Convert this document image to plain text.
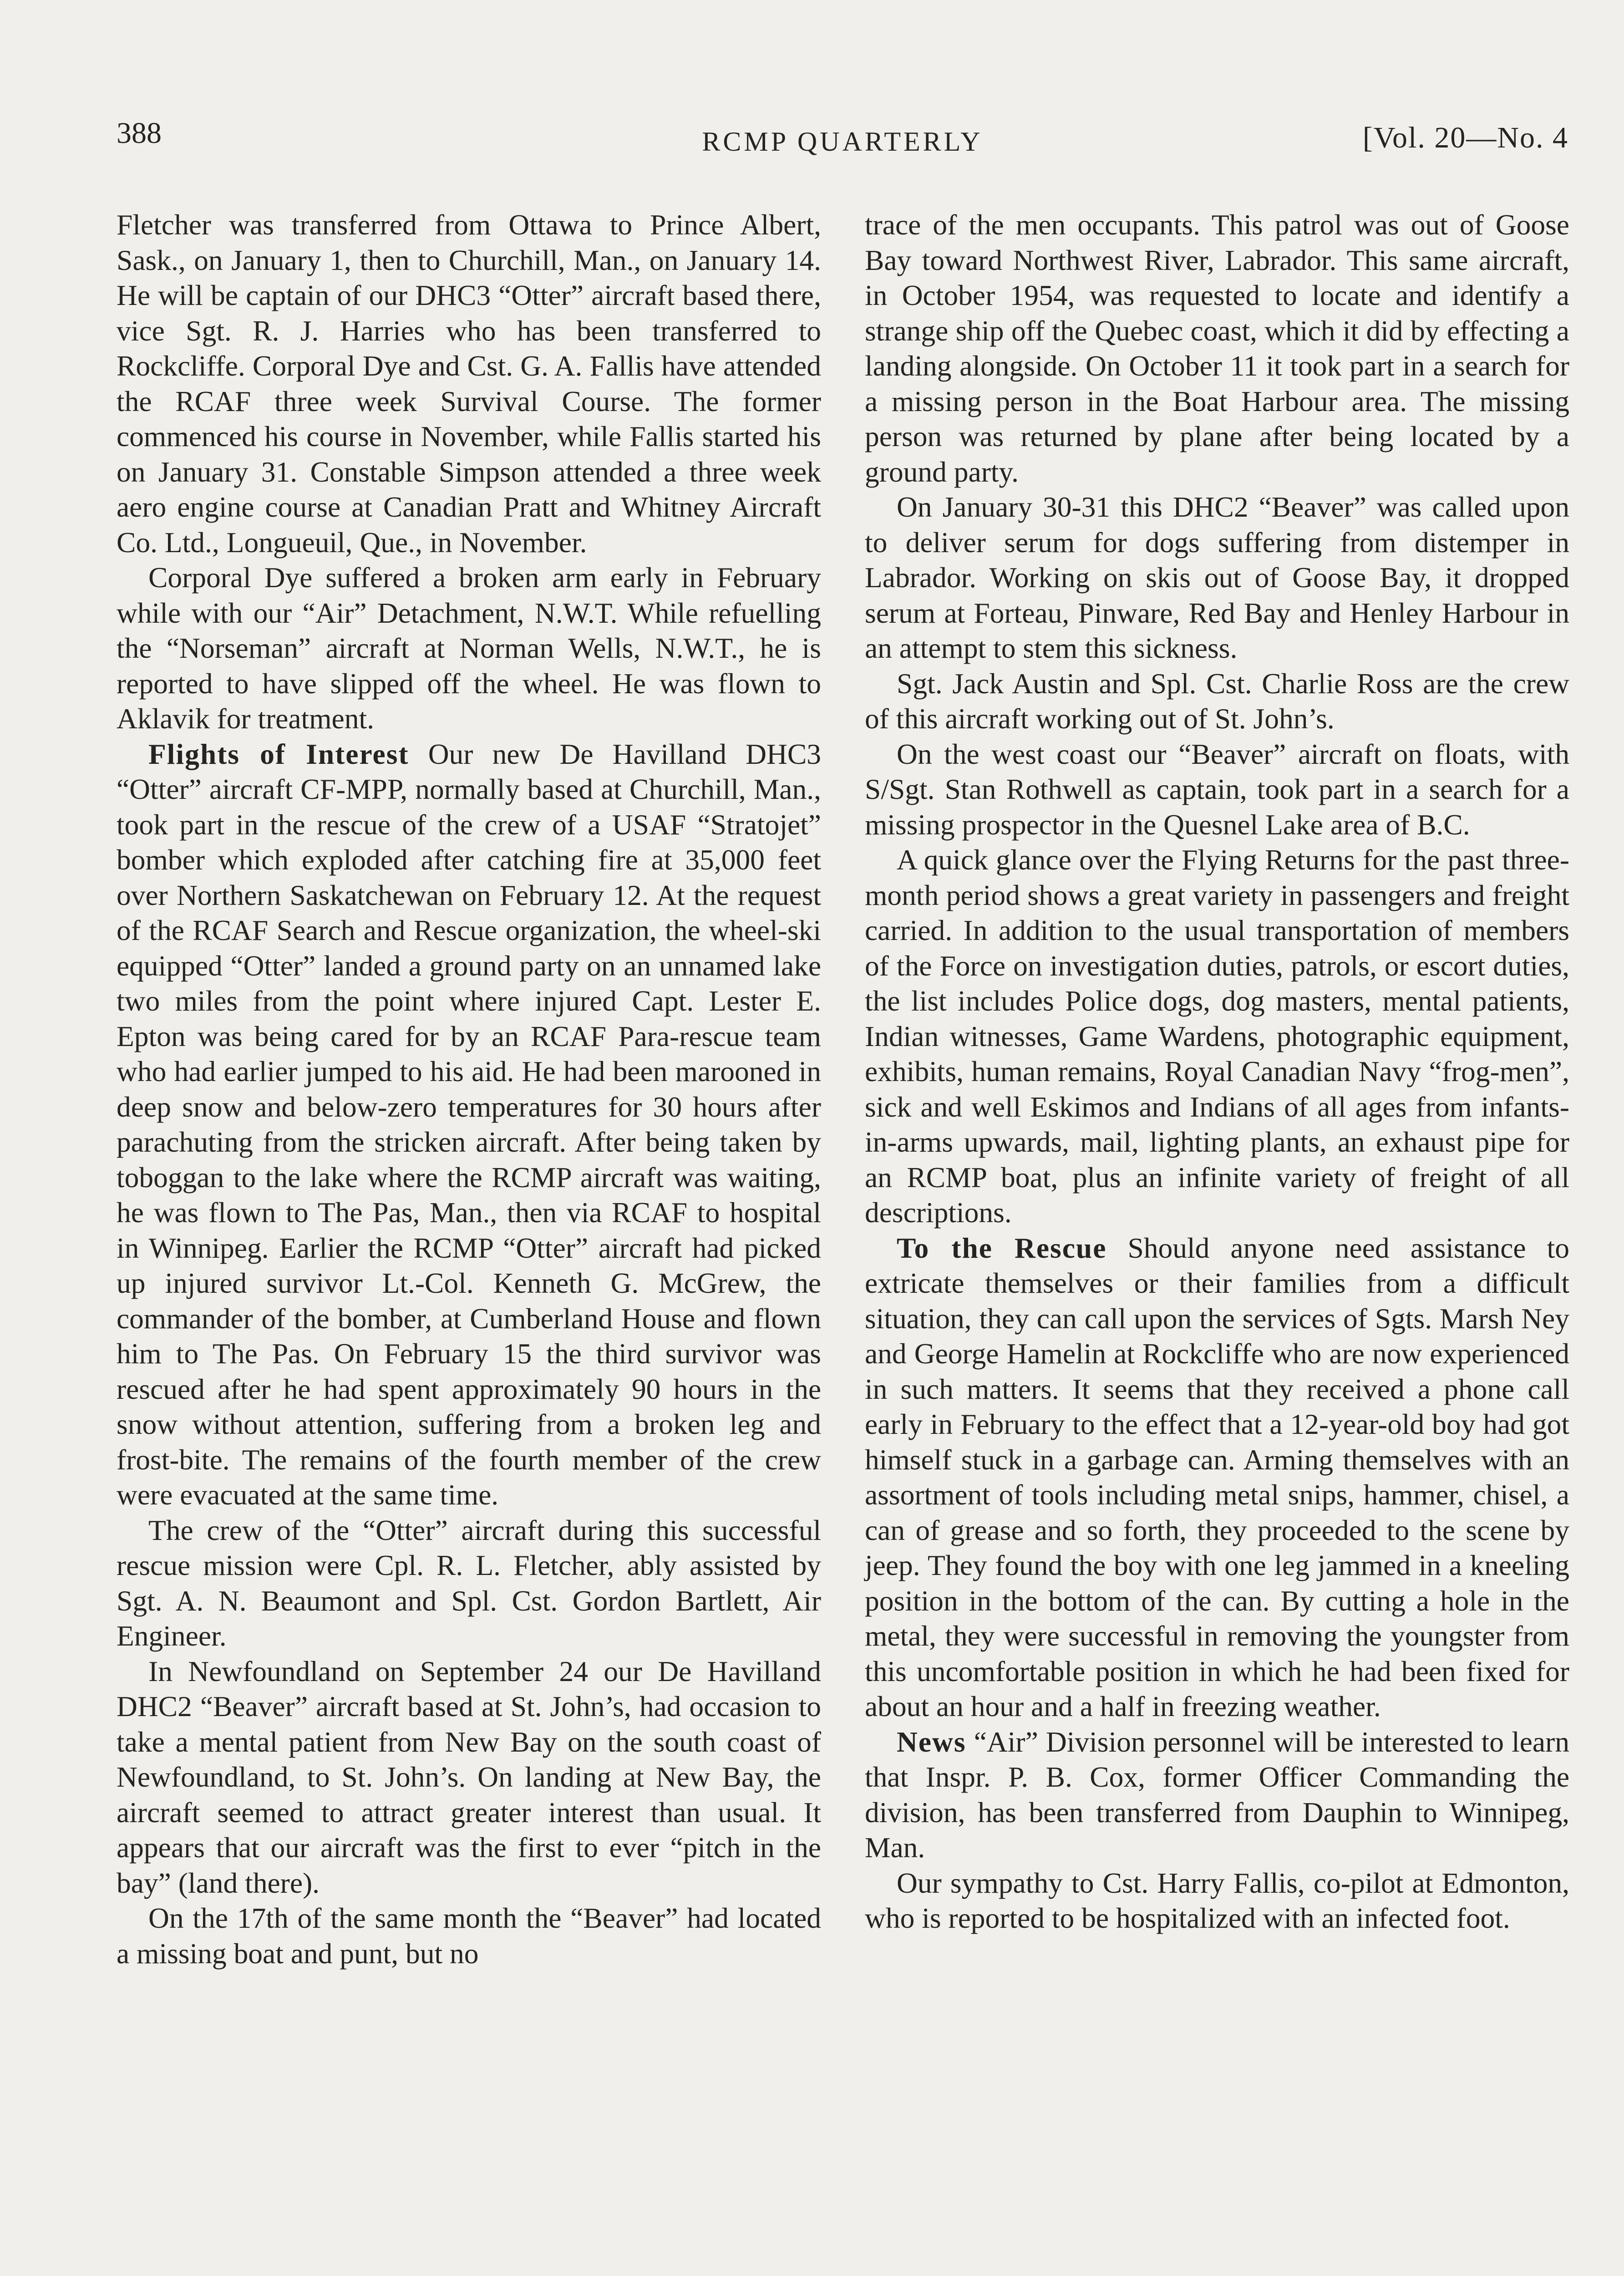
388	RCMP QUARTERLY	[Vol. 20—No. 4

Fletcher was transferred from Ottawa to Prince Albert, Sask., on January 1, then to Churchill, Man., on January 14. He will be captain of our DHC3 “Otter” aircraft based there, vice Sgt. R. J. Harries who has been transferred to Rockcliffe. Corporal Dye and Cst. G. A. Fallis have attended the RCAF three week Survival Course. The former commenced his course in November, while Fallis started his on January 31. Constable Simpson attended a three week aero engine course at Canadian Pratt and Whitney Aircraft Co. Ltd., Longueuil, Que., in November.

Corporal Dye suffered a broken arm early in February while with our “Air” Detachment, N.W.T. While refuelling the “Norseman” aircraft at Norman Wells, N.W.T., he is reported to have slipped off the wheel. He was flown to Aklavik for treatment.

Flights of Interest Our new De Havilland DHC3 “Otter” aircraft CF-MPP, normally based at Churchill, Man., took part in the rescue of the crew of a USAF “Stratojet” bomber which exploded after catching fire at 35,000 feet over Northern Saskatchewan on February 12. At the request of the RCAF Search and Rescue organization, the wheel-ski equipped “Otter” landed a ground party on an unnamed lake two miles from the point where injured Capt. Lester E. Epton was being cared for by an RCAF Para-rescue team who had earlier jumped to his aid. He had been marooned in deep snow and below-zero temperatures for 30 hours after parachuting from the stricken aircraft. After being taken by toboggan to the lake where the RCMP aircraft was waiting, he was flown to The Pas, Man., then via RCAF to hospital in Winnipeg. Earlier the RCMP “Otter” aircraft had picked up injured survivor Lt.-Col. Kenneth G. McGrew, the commander of the bomber, at Cumberland House and flown him to The Pas. On February 15 the third survivor was rescued after he had spent approximately 90 hours in the snow without attention, suffering from a broken leg and frost-bite. The remains of the fourth member of the crew were evacuated at the same time.

The crew of the “Otter” aircraft during this successful rescue mission were Cpl. R. L. Fletcher, ably assisted by Sgt. A. N. Beaumont and Spl. Cst. Gordon Bartlett, Air Engineer.

In Newfoundland on September 24 our De Havilland DHC2 “Beaver” aircraft based at St. John’s, had occasion to take a mental patient from New Bay on the south coast of Newfoundland, to St. John’s. On landing at New Bay, the aircraft seemed to attract greater interest than usual. It appears that our aircraft was the first to ever “pitch in the bay” (land there).

On the 17th of the same month the “Beaver” had located a missing boat and punt, but no

trace of the men occupants. This patrol was out of Goose Bay toward Northwest River, Labrador. This same aircraft, in October 1954, was requested to locate and identify a strange ship off the Quebec coast, which it did by effecting a landing alongside. On October 11 it took part in a search for a missing person in the Boat Harbour area. The missing person was returned by plane after being located by a ground party.

On January 30-31 this DHC2 “Beaver” was called upon to deliver serum for dogs suffering from distemper in Labrador. Working on skis out of Goose Bay, it dropped serum at Forteau, Pinware, Red Bay and Henley Harbour in an attempt to stem this sickness.

Sgt. Jack Austin and Spl. Cst. Charlie Ross are the crew of this aircraft working out of St. John’s.

On the west coast our “Beaver” aircraft on floats, with S/Sgt. Stan Rothwell as captain, took part in a search for a missing prospector in the Quesnel Lake area of B.C.

A quick glance over the Flying Returns for the past three-month period shows a great variety in passengers and freight carried. In addition to the usual transportation of members of the Force on investigation duties, patrols, or escort duties, the list includes Police dogs, dog masters, mental patients, Indian witnesses, Game Wardens, photographic equipment, exhibits, human remains, Royal Canadian Navy “frog-men”, sick and well Eskimos and Indians of all ages from infants-in-arms upwards, mail, lighting plants, an exhaust pipe for an RCMP boat, plus an infinite variety of freight of all descriptions.

To the Rescue Should anyone need assistance to extricate themselves or their families from a difficult situation, they can call upon the services of Sgts. Marsh Ney and George Hamelin at Rockcliffe who are now experienced in such matters. It seems that they received a phone call early in February to the effect that a 12-year-old boy had got himself stuck in a garbage can. Arming themselves with an assortment of tools including metal snips, hammer, chisel, a can of grease and so forth, they proceeded to the scene by jeep. They found the boy with one leg jammed in a kneeling position in the bottom of the can. By cutting a hole in the metal, they were successful in removing the youngster from this uncomfortable position in which he had been fixed for about an hour and a half in freezing weather.

News “Air” Division personnel will be interested to learn that Inspr. P. B. Cox, former Officer Commanding the division, has been transferred from Dauphin to Winnipeg, Man.

Our sympathy to Cst. Harry Fallis, co-pilot at Edmonton, who is reported to be hospitalized with an infected foot.
